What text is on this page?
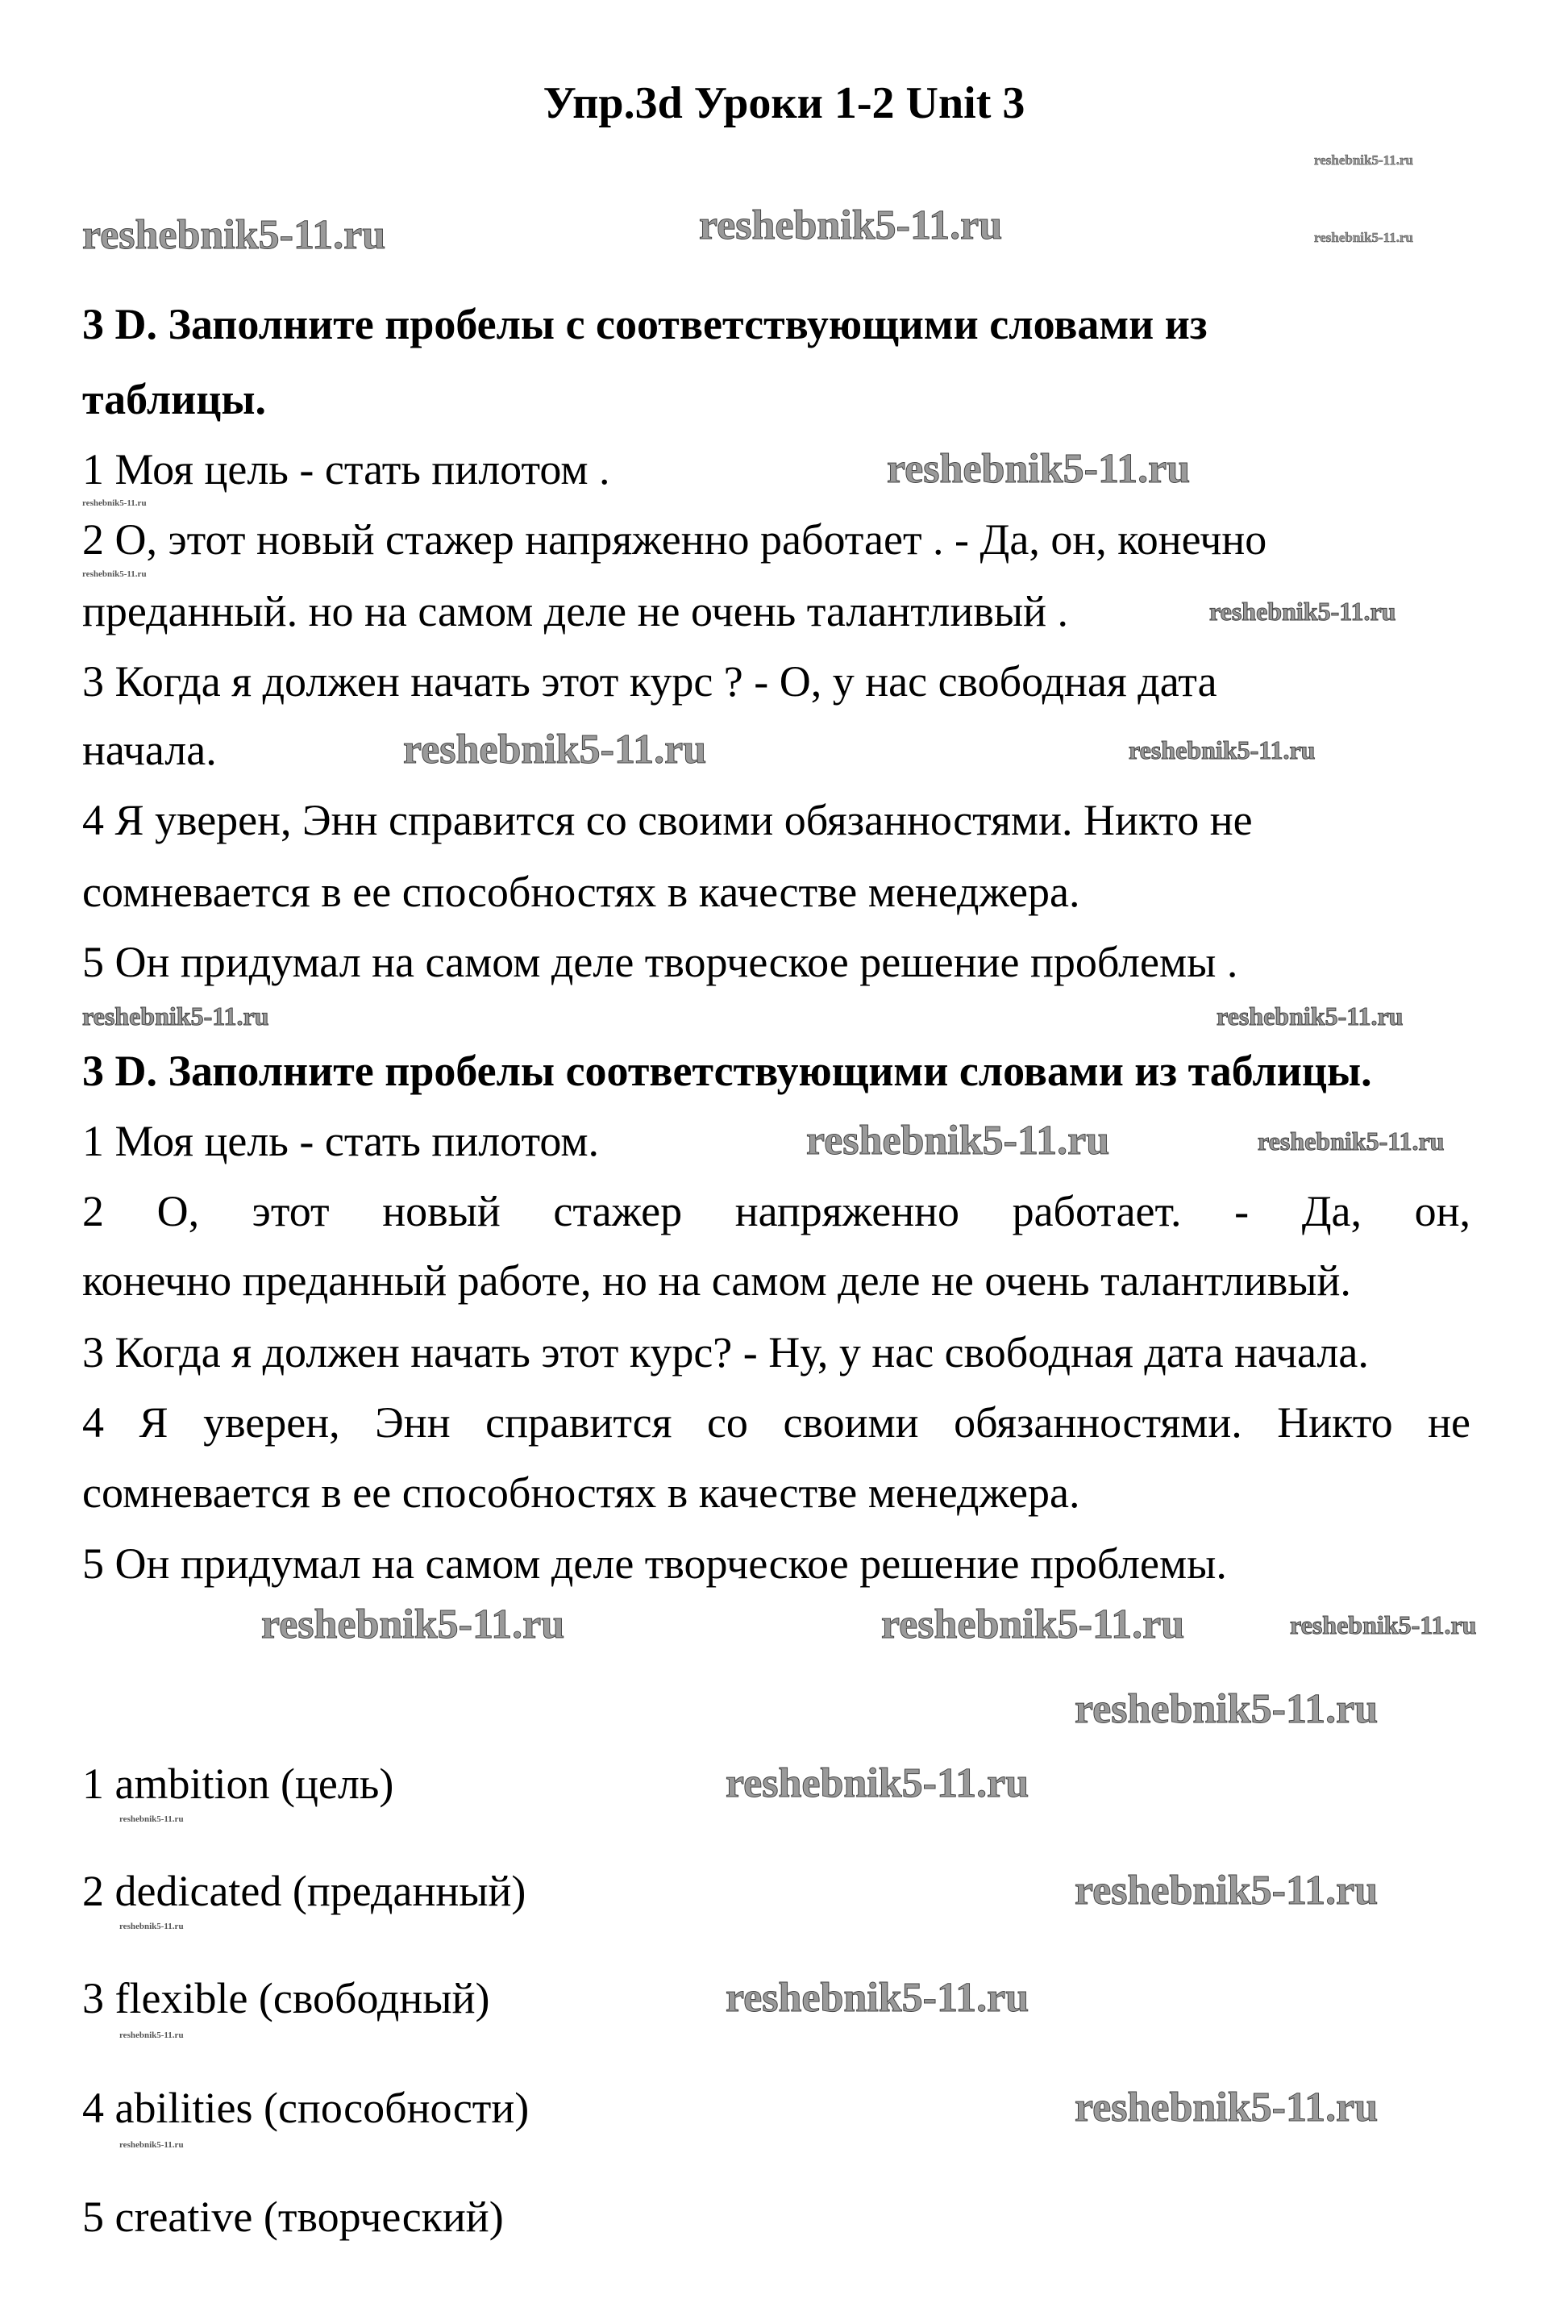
Упр.3d Уроки 1-2 Unit 3
3 D. Заполните пробелы с соответствующими словами из
таблицы.
1 Моя цель - стать пилотом .
2 О, этот новый стажер напряженно работает . - Да, он, конечно
преданный. но на самом деле не очень талантливый .
3 Когда я должен начать этот курс ? - О, у нас свободная дата
начала.
4 Я уверен, Энн справится со своими обязанностями. Никто не
сомневается в ее способностях в качестве менеджера.
5 Он придумал на самом деле творческое решение проблемы .
3 D. Заполните пробелы соответствующими словами из таблицы.
1 Моя цель - стать пилотом.
2 О, этот новый стажер напряженно работает. - Да, он,
конечно преданный работе, но на самом деле не очень талантливый.
3 Когда я должен начать этот курс? - Ну, у нас свободная дата начала.
4 Я уверен, Энн справится со своими обязанностями. Никто не
сомневается в ее способностях в качестве менеджера.
5 Он придумал на самом деле творческое решение проблемы.
1 ambition (цель)
2 dedicated (преданный)
3 flexible (свободный)
4 abilities (способности)
5 creative (творческий)
reshebnik5-11.ru	reshebnik5-11.ru
reshebnik5-11.ru
reshebnik5-11.ru
reshebnik5-11.ru
reshebnik5-11.ru	reshebnik5-11.ru
reshebnik5-11.ru
reshebnik5-11.ru
reshebnik5-11.ru
reshebnik5-11.ru
reshebnik5-11.ru
reshebnik5-11.ru
reshebnik5-11.ru
reshebnik5-11.ru	reshebnik5-11.ru
reshebnik5-11.ru
reshebnik5-11.ru
reshebnik5-11.ru
reshebnik5-11.ru
reshebnik5-11.ru
reshebnik5-11.ru
reshebnik5-11.ru
reshebnik5-11.ru
reshebnik5-11.ru
reshebnik5-11.ru
